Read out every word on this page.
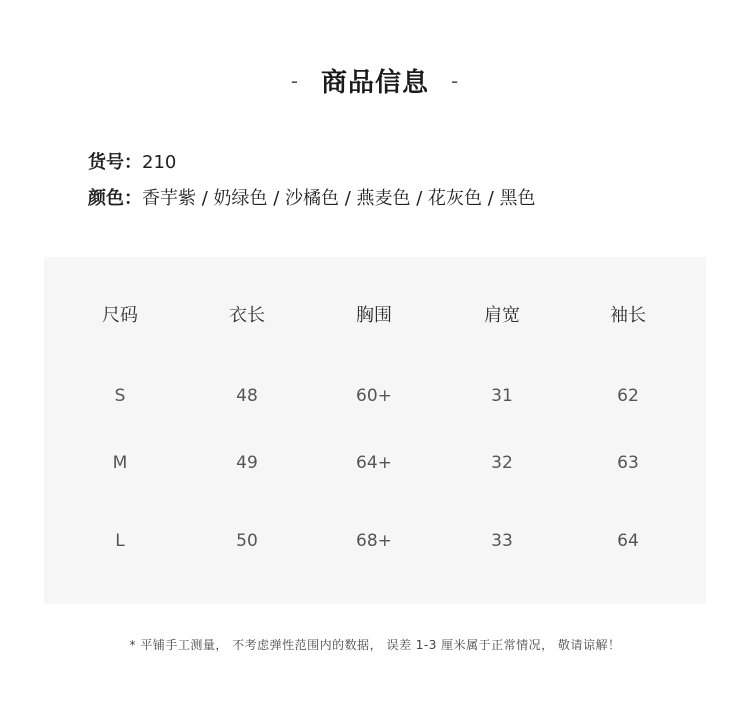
- 商品信息 -
货号：210
颜色：香芋紫 / 奶绿色 / 沙橘色 / 燕麦色 / 花灰色 / 黑色
尺码	衣长	胸围	肩宽	袖长
S	48	60+	31	62
M	49	64+	32	63
L	50	68+	33	64
* 平铺手工测量， 不考虑弹性范围内的数据， 误差 1-3 厘米属于正常情况， 敬请谅解！
